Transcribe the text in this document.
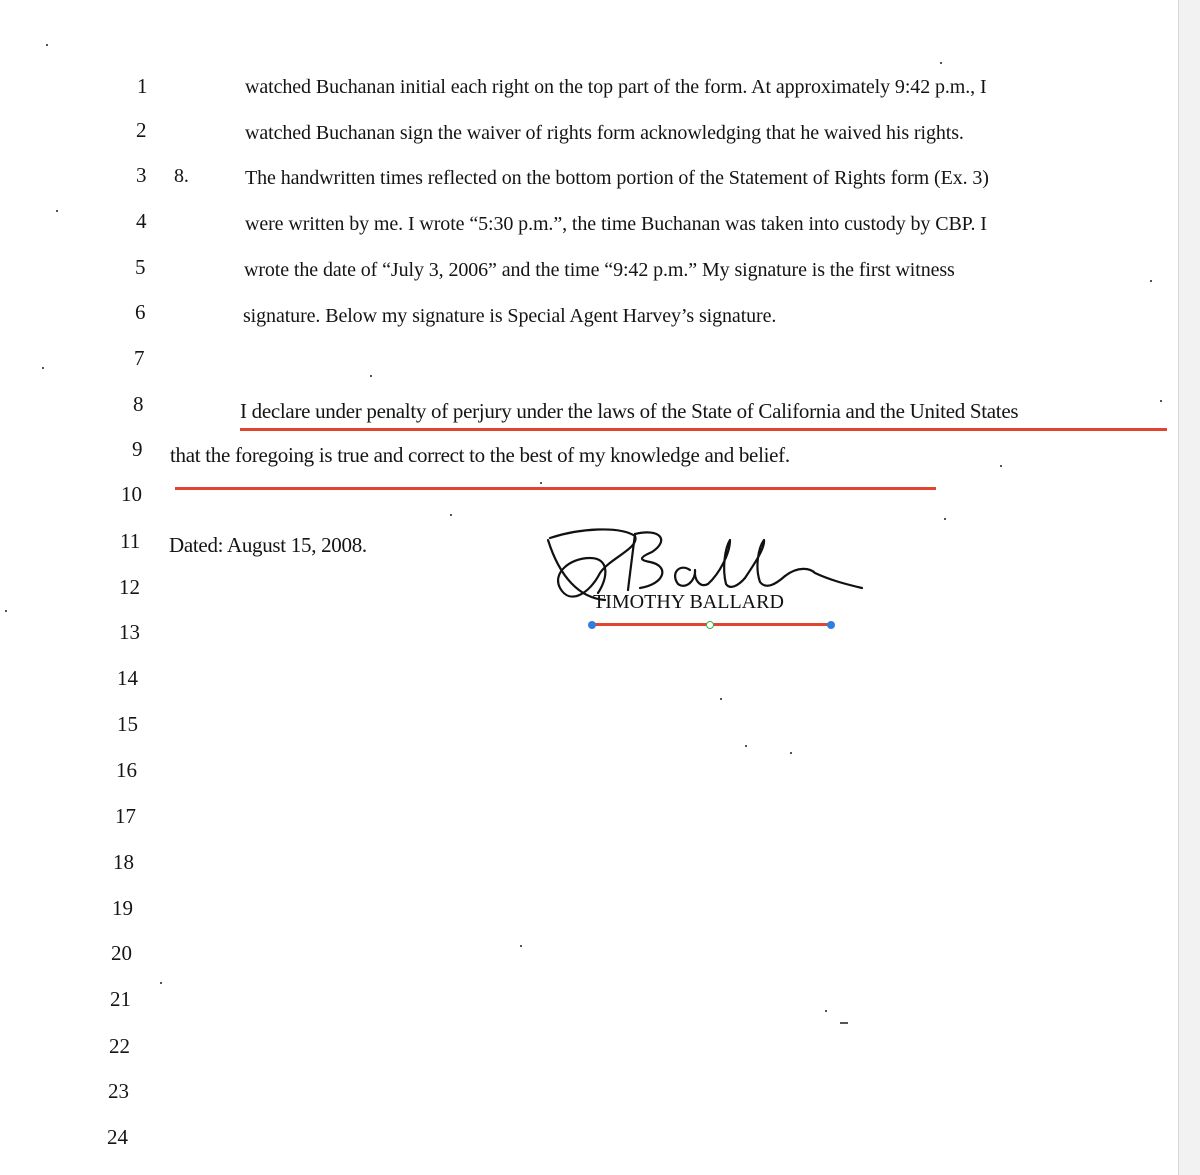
1
2
3
4
5
6
7
8
9
10
11
12
13
14
15
16
17
18
19
20
21
22
23
24
8.
watched Buchanan initial each right on the top part of the form. At approximately 9:42 p.m., I
watched Buchanan sign the waiver of rights form acknowledging that he waived his rights.
The handwritten times reflected on the bottom portion of the Statement of Rights form (Ex. 3)
were written by me. I wrote “5:30 p.m.”, the time Buchanan was taken into custody by CBP. I
wrote the date of “July 3, 2006” and the time “9:42 p.m.” My signature is the first witness
signature. Below my signature is Special Agent Harvey’s signature.
I declare under penalty of perjury under the laws of the State of California and the United States
that the foregoing is true and correct to the best of my knowledge and belief.
Dated: August 15, 2008.
TIMOTHY BALLARD
